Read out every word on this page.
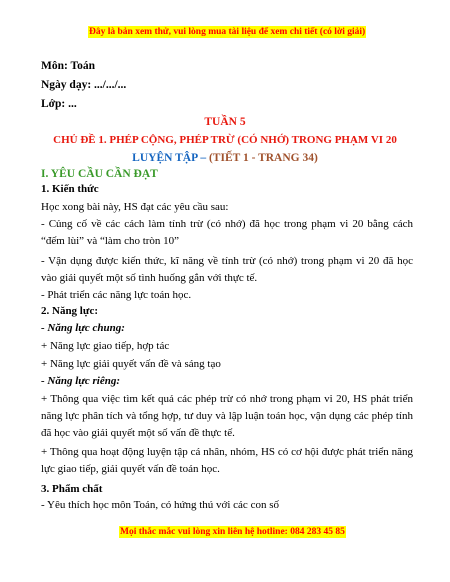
Đây là bản xem thử, vui lòng mua tài liệu để xem chi tiết (có lời giải)
Môn: Toán
Ngày dạy: .../.../...
Lớp: ...
TUẦN 5
CHỦ ĐỀ 1. PHÉP CỘNG, PHÉP TRỪ (CÓ NHỚ) TRONG PHẠM VI 20
LUYỆN TẬP – (TIẾT 1 - TRANG 34)
I. YÊU CẦU CẦN ĐẠT
1. Kiến thức
Học xong bài này, HS đạt các yêu cầu sau:
- Củng cố về các cách làm tính trừ (có nhớ) đã học trong phạm vi 20 bằng cách “đếm lùi” và “làm cho tròn 10”
- Vận dụng được kiến thức, kĩ năng về tính trừ (có nhớ) trong phạm vi 20 đã học vào giải quyết một số tình huống gắn với thực tế.
- Phát triển các năng lực toán học.
2. Năng lực:
- Năng lực chung:
+ Năng lực giao tiếp, hợp tác
+ Năng lực giải quyết vấn đề và sáng tạo
- Năng lực riêng:
+ Thông qua việc tìm kết quả các phép trừ có nhớ trong phạm vi 20, HS phát triển năng lực phân tích và tổng hợp, tư duy và lập luận toán học, vận dụng các phép tính đã học vào giải quyết một số vấn đề thực tế.
+ Thông qua hoạt động luyện tập cá nhân, nhóm, HS có cơ hội được phát triển năng lực giao tiếp, giải quyết vấn đề toán học.
3. Phẩm chất
- Yêu thích học môn Toán, có hứng thú với các con số
Mọi thắc mắc vui lòng xin liên hệ hotline: 084 283 45 85
